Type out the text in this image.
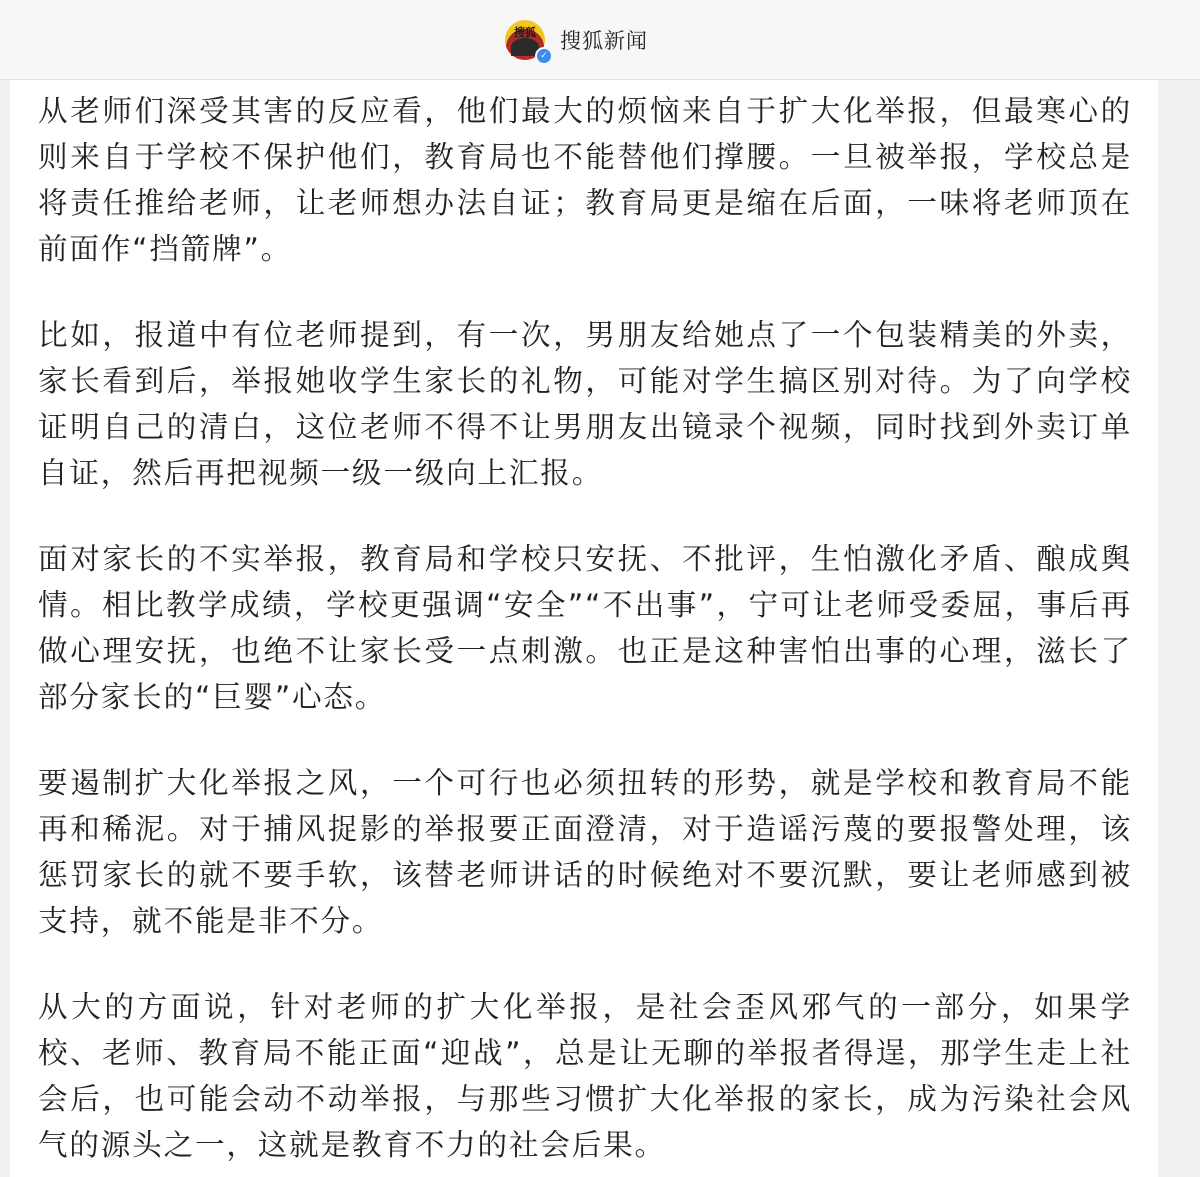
搜狐
✓
搜狐新闻

从老师们深受其害的反应看，他们最大的烦恼来自于扩大化举报，但最寒心的则来自于学校不保护他们，教育局也不能替他们撑腰。一旦被举报，学校总是将责任推给老师，让老师想办法自证；教育局更是缩在后面，一味将老师顶在前面作“挡箭牌”。

比如，报道中有位老师提到，有一次，男朋友给她点了一个包装精美的外卖，家长看到后，举报她收学生家长的礼物，可能对学生搞区别对待。为了向学校证明自己的清白，这位老师不得不让男朋友出镜录个视频，同时找到外卖订单自证，然后再把视频一级一级向上汇报。

面对家长的不实举报，教育局和学校只安抚、不批评，生怕激化矛盾、酿成舆情。相比教学成绩，学校更强调“安全”“不出事”，宁可让老师受委屈，事后再做心理安抚，也绝不让家长受一点刺激。也正是这种害怕出事的心理，滋长了部分家长的“巨婴”心态。

要遏制扩大化举报之风，一个可行也必须扭转的形势，就是学校和教育局不能再和稀泥。对于捕风捉影的举报要正面澄清，对于造谣污蔑的要报警处理，该惩罚家长的就不要手软，该替老师讲话的时候绝对不要沉默，要让老师感到被支持，就不能是非不分。

从大的方面说，针对老师的扩大化举报，是社会歪风邪气的一部分，如果学校、老师、教育局不能正面“迎战”，总是让无聊的举报者得逞，那学生走上社会后，也可能会动不动举报，与那些习惯扩大化举报的家长，成为污染社会风气的源头之一，这就是教育不力的社会后果。
